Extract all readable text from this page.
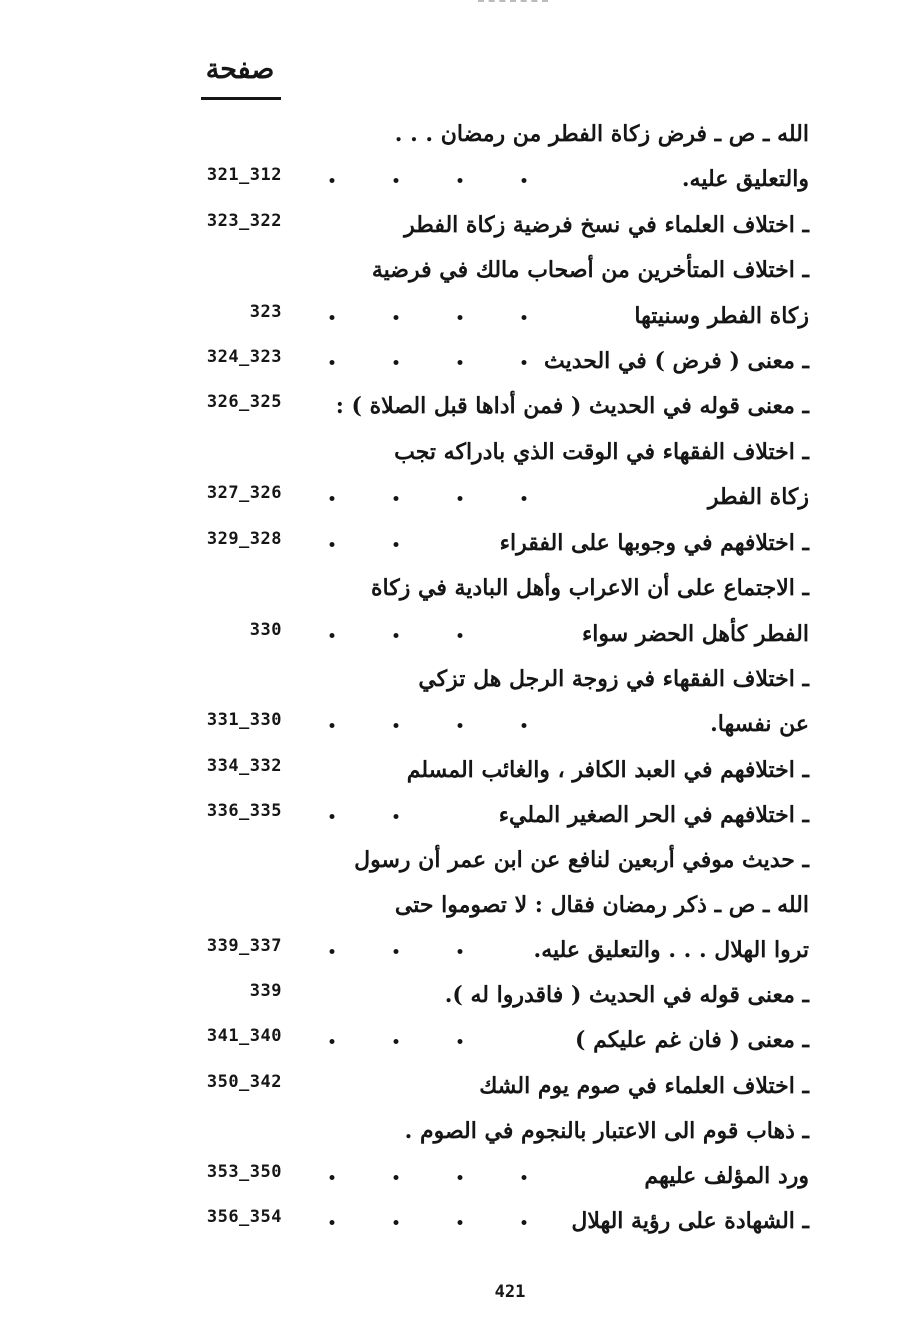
صفحة
الله ـ ص ـ فرض زكاة الفطر من رمضان . . .
والتعليق عليه.
321_312
ـ اختلاف العلماء في نسخ فرضية زكاة الفطر
323_322
ـ اختلاف المتأخرين من أصحاب مالك في فرضية
زكاة الفطر وسنيتها
323
ـ معنى ( فرض ) في الحديث
324_323
ـ معنى قوله في الحديث ( فمن أداها قبل الصلاة ) :
326_325
ـ اختلاف الفقهاء في الوقت الذي بادراكه تجب
زكاة الفطر
327_326
ـ اختلافهم في وجوبها على الفقراء
329_328
ـ الاجتماع على أن الاعراب وأهل البادية في زكاة
الفطر كأهل الحضر سواء
330
ـ اختلاف الفقهاء في زوجة الرجل هل تزكي
عن نفسها.
331_330
ـ اختلافهم في العبد الكافر ، والغائب المسلم
334_332
ـ اختلافهم في الحر الصغير المليء
336_335
ـ حديث موفي أربعين لنافع عن ابن عمر أن رسول
الله ـ ص ـ ذكر رمضان فقال : لا تصوموا حتى
تروا الهلال . . . والتعليق عليه.
339_337
ـ معنى قوله في الحديث ( فاقدروا له ).
339
ـ معنى ( فان غم عليكم )
341_340
ـ اختلاف العلماء في صوم يوم الشك
350_342
ـ ذهاب قوم الى الاعتبار بالنجوم في الصوم .
ورد المؤلف عليهم
353_350
ـ الشهادة على رؤية الهلال
356_354
421
